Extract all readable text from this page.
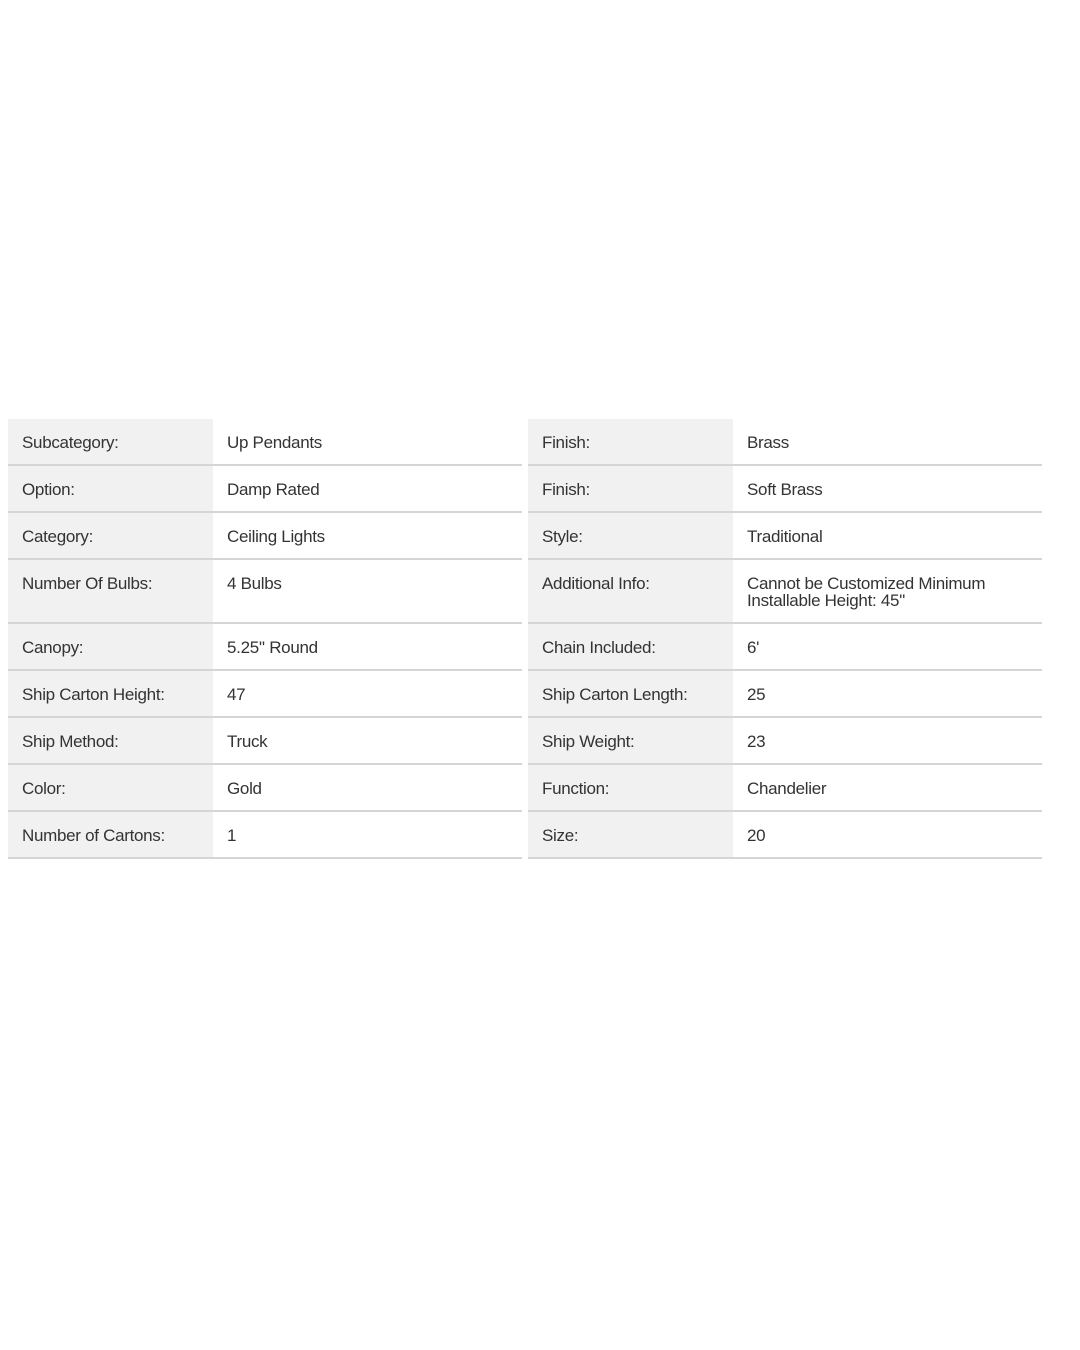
Subcategory:	Up Pendants
Option:	Damp Rated
Category:	Ceiling Lights
Number Of Bulbs:	4 Bulbs
Canopy:	5.25'' Round
Ship Carton Height:	47
Ship Method:	Truck
Color:	Gold
Number of Cartons:	1
Finish:	Brass
Finish:	Soft Brass
Style:	Traditional
Additional Info:	Cannot be Customized Minimum Installable Height: 45''
Chain Included:	6'
Ship Carton Length:	25
Ship Weight:	23
Function:	Chandelier
Size:	20
